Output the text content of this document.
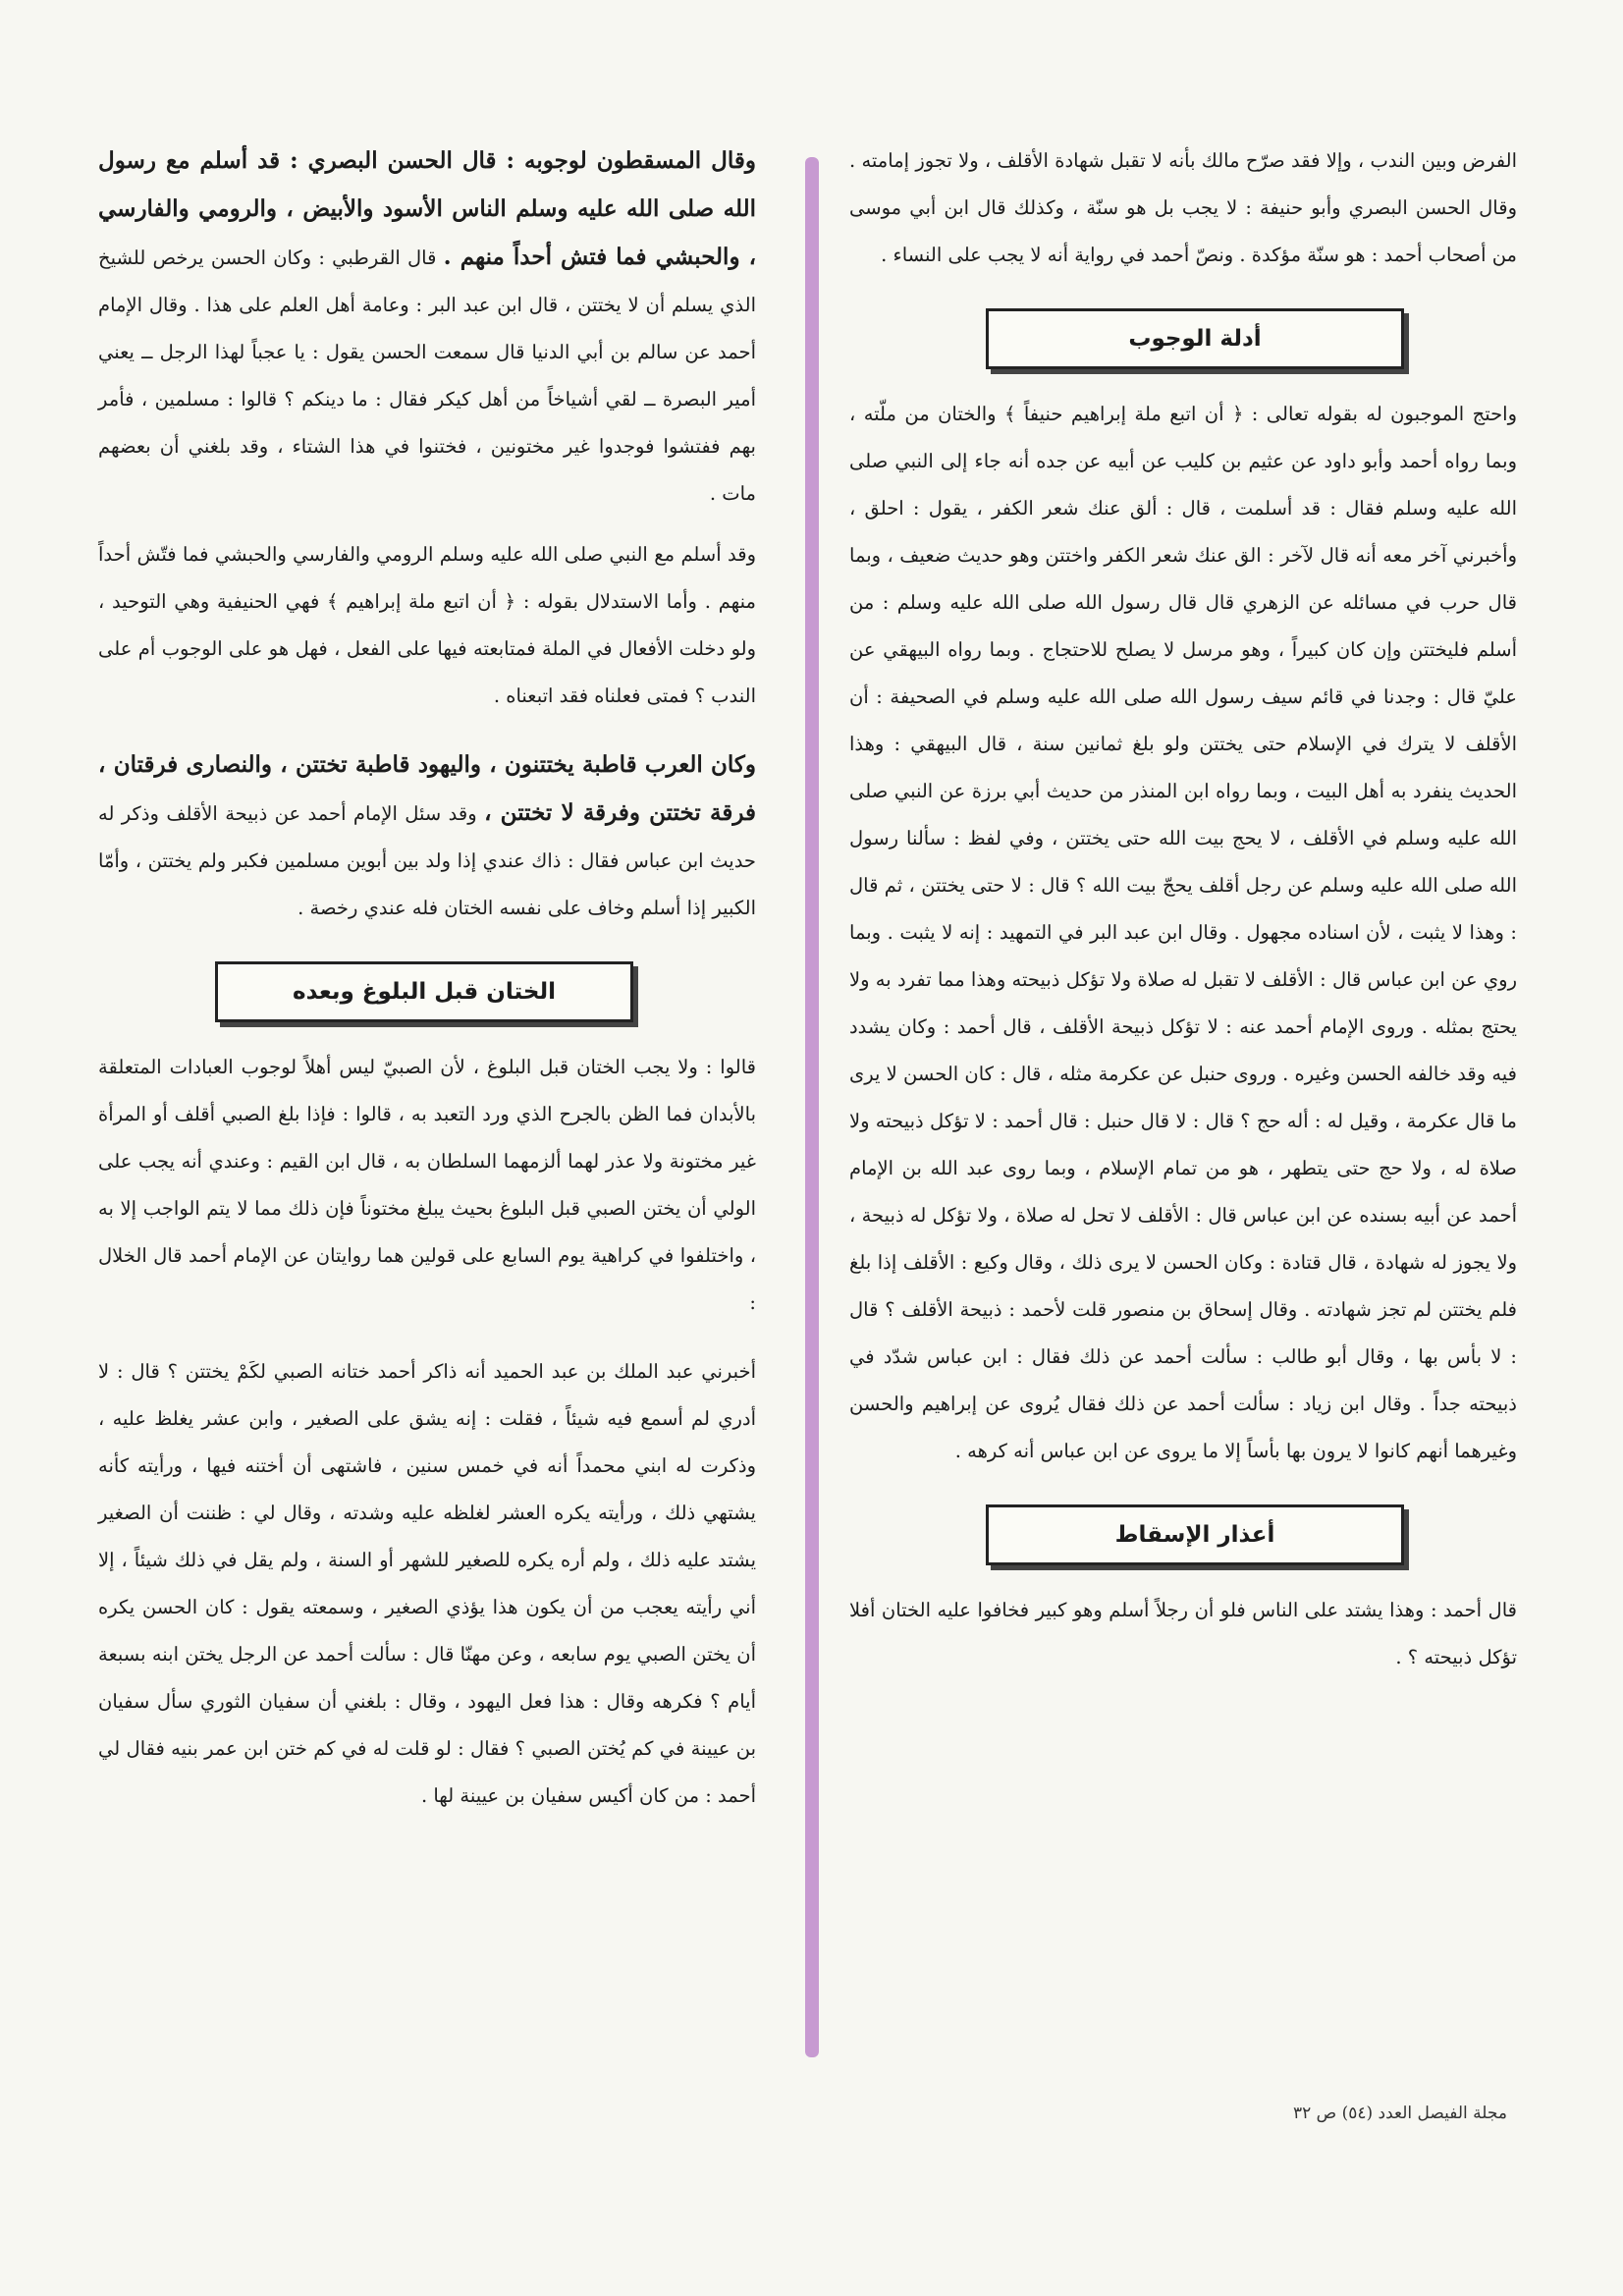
الفرض وبين الندب ، وإلا فقد صرّح مالك بأنه لا تقبل شهادة الأقلف ، ولا تجوز إمامته . وقال الحسن البصري وأبو حنيفة : لا يجب بل هو سنّة ، وكذلك قال ابن أبي موسى من أصحاب أحمد : هو سنّة مؤكدة . ونصّ أحمد في رواية أنه لا يجب على النساء .

أدلة الوجوب

واحتج الموجبون له بقوله تعالى : ﴿ أن اتبع ملة إبراهيم حنيفاً ﴾ والختان من ملّته ، وبما رواه أحمد وأبو داود عن عثيم بن كليب عن أبيه عن جده أنه جاء إلى النبي صلى الله عليه وسلم فقال : قد أسلمت ، قال : ألق عنك شعر الكفر ، يقول : احلق ، وأخبرني آخر معه أنه قال لآخر : الق عنك شعر الكفر واختتن وهو حديث ضعيف ، وبما قال حرب في مسائله عن الزهري قال قال رسول الله صلى الله عليه وسلم : من أسلم فليختتن وإن كان كبيراً ، وهو مرسل لا يصلح للاحتجاج . وبما رواه البيهقي عن عليّ قال : وجدنا في قائم سيف رسول الله صلى الله عليه وسلم في الصحيفة : أن الأقلف لا يترك في الإسلام حتى يختتن ولو بلغ ثمانين سنة ، قال البيهقي : وهذا الحديث ينفرد به أهل البيت ، وبما رواه ابن المنذر من حديث أبي برزة عن النبي صلى الله عليه وسلم في الأقلف ، لا يحج بيت الله حتى يختتن ، وفي لفظ : سألنا رسول الله صلى الله عليه وسلم عن رجل أقلف يحجّ بيت الله ؟ قال : لا حتى يختتن ، ثم قال : وهذا لا يثبت ، لأن اسناده مجهول . وقال ابن عبد البر في التمهيد : إنه لا يثبت . وبما روي عن ابن عباس قال : الأقلف لا تقبل له صلاة ولا تؤكل ذبيحته وهذا مما تفرد به ولا يحتج بمثله . وروى الإمام أحمد عنه : لا تؤكل ذبيحة الأقلف ، قال أحمد : وكان يشدد فيه وقد خالفه الحسن وغيره . وروى حنبل عن عكرمة مثله ، قال : كان الحسن لا يرى ما قال عكرمة ، وقيل له : أله حج ؟ قال : لا قال حنبل : قال أحمد : لا تؤكل ذبيحته ولا صلاة له ، ولا حج حتى يتطهر ، هو من تمام الإسلام ، وبما روى عبد الله بن الإمام أحمد عن أبيه بسنده عن ابن عباس قال : الأقلف لا تحل له صلاة ، ولا تؤكل له ذبيحة ، ولا يجوز له شهادة ، قال قتادة : وكان الحسن لا يرى ذلك ، وقال وكيع : الأقلف إذا بلغ فلم يختتن لم تجز شهادته . وقال إسحاق بن منصور قلت لأحمد : ذبيحة الأقلف ؟ قال : لا بأس بها ، وقال أبو طالب : سألت أحمد عن ذلك فقال : ابن عباس شدّد في ذبيحته جداً . وقال ابن زياد : سألت أحمد عن ذلك فقال يُروى عن إبراهيم والحسن وغيرهما أنهم كانوا لا يرون بها بأساً إلا ما يروى عن ابن عباس أنه كرهه .

أعذار الإسقاط

قال أحمد : وهذا يشتد على الناس فلو أن رجلاً أسلم وهو كبير فخافوا عليه الختان أفلا تؤكل ذبيحته ؟ .

وقال المسقطون لوجوبه : قال الحسن البصري : قد أسلم مع رسول الله صلى الله عليه وسلم الناس الأسود والأبيض ، والرومي والفارسي ، والحبشي فما فتش أحداً منهم . قال القرطبي : وكان الحسن يرخص للشيخ الذي يسلم أن لا يختتن ، قال ابن عبد البر : وعامة أهل العلم على هذا . وقال الإمام أحمد عن سالم بن أبي الدنيا قال سمعت الحسن يقول : يا عجباً لهذا الرجل ــ يعني أمير البصرة ــ لقي أشياخاً من أهل كيكر فقال : ما دينكم ؟ قالوا : مسلمين ، فأمر بهم ففتشوا فوجدوا غير مختونين ، فختنوا في هذا الشتاء ، وقد بلغني أن بعضهم مات .

وقد أسلم مع النبي صلى الله عليه وسلم الرومي والفارسي والحبشي فما فتّش أحداً منهم . وأما الاستدلال بقوله : ﴿ أن اتبع ملة إبراهيم ﴾ فهي الحنيفية وهي التوحيد ، ولو دخلت الأفعال في الملة فمتابعته فيها على الفعل ، فهل هو على الوجوب أم على الندب ؟ فمتى فعلناه فقد اتبعناه .

وكان العرب قاطبة يختتنون ، واليهود قاطبة تختتن ، والنصارى فرقتان ، فرقة تختتن وفرقة لا تختتن ، وقد سئل الإمام أحمد عن ذبيحة الأقلف وذكر له حديث ابن عباس فقال : ذاك عندي إذا ولد بين أبوين مسلمين فكبر ولم يختتن ، وأمّا الكبير إذا أسلم وخاف على نفسه الختان فله عندي رخصة .

الختان قبل البلوغ وبعده

قالوا : ولا يجب الختان قبل البلوغ ، لأن الصبيّ ليس أهلاً لوجوب العبادات المتعلقة بالأبدان فما الظن بالجرح الذي ورد التعبد به ، قالوا : فإذا بلغ الصبي أقلف أو المرأة غير مختونة ولا عذر لهما ألزمهما السلطان به ، قال ابن القيم : وعندي أنه يجب على الولي أن يختن الصبي قبل البلوغ بحيث يبلغ مختوناً فإن ذلك مما لا يتم الواجب إلا به ، واختلفوا في كراهية يوم السابع على قولين هما روايتان عن الإمام أحمد قال الخلال :

أخبرني عبد الملك بن عبد الحميد أنه ذاكر أحمد ختانه الصبي لكَمْ يختتن ؟ قال : لا أدري لم أسمع فيه شيئاً ، فقلت : إنه يشق على الصغير ، وابن عشر يغلظ عليه ، وذكرت له ابني محمداً أنه في خمس سنين ، فاشتهى أن أختنه فيها ، ورأيته كأنه يشتهي ذلك ، ورأيته يكره العشر لغلظه عليه وشدته ، وقال لي : ظننت أن الصغير يشتد عليه ذلك ، ولم أره يكره للصغير للشهر أو السنة ، ولم يقل في ذلك شيئاً ، إلا أني رأيته يعجب من أن يكون هذا يؤذي الصغير ، وسمعته يقول : كان الحسن يكره أن يختن الصبي يوم سابعه ، وعن مهنّا قال : سألت أحمد عن الرجل يختن ابنه بسبعة أيام ؟ فكرهه وقال : هذا فعل اليهود ، وقال : بلغني أن سفيان الثوري سأل سفيان بن عيينة في كم يُختن الصبي ؟ فقال : لو قلت له في كم ختن ابن عمر بنيه فقال لي أحمد : من كان أكيس سفيان بن عيينة لها .

مجلة الفيصل العدد (٥٤) ص ٣٢
